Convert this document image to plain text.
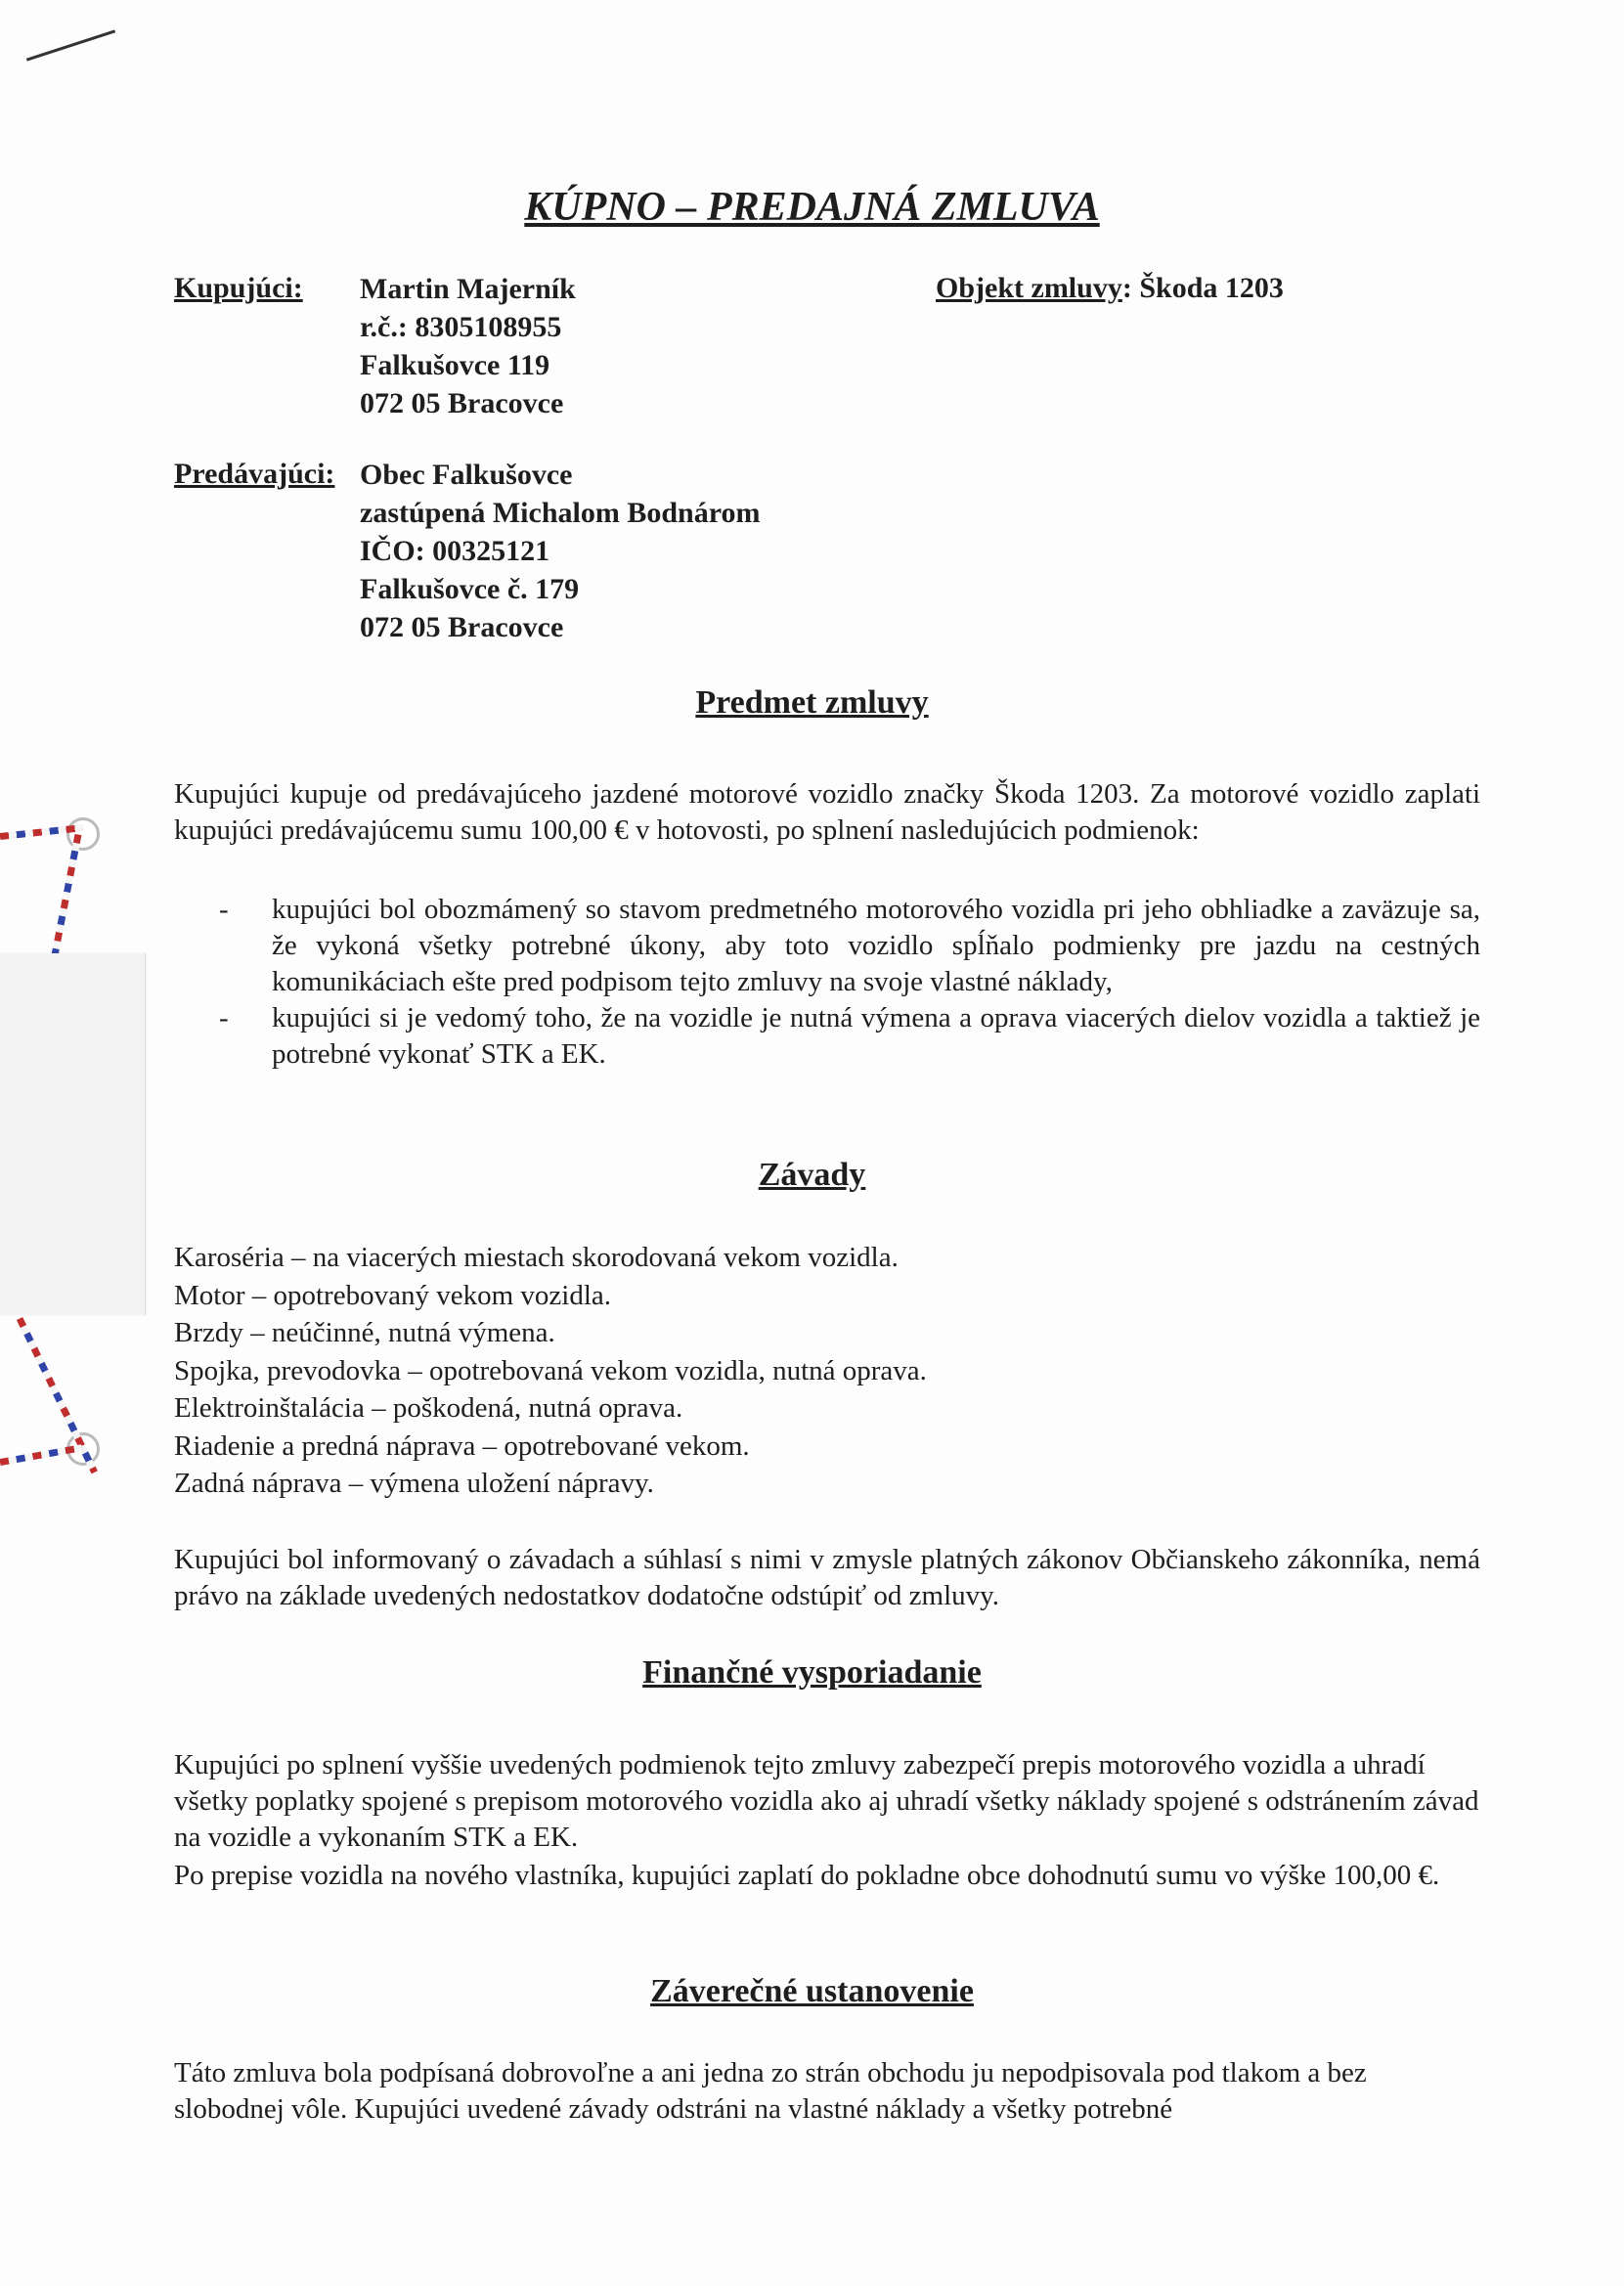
KÚPNO – PREDAJNÁ ZMLUVA
Kupujúci: Martin Majerník
r.č.: 8305108955
Falkušovce 119
072 05 Bracovce
Objekt zmluvy: Škoda 1203
Predávajúci: Obec Falkušovce
zastúpená Michalom Bodnárom
IČO: 00325121
Falkušovce č. 179
072 05 Bracovce
Predmet zmluvy

Kupujúci kupuje od predávajúceho jazdené motorové vozidlo značky Škoda 1203. Za motorové vozidlo zaplati kupujúci predávajúcemu sumu 100,00 € v hotovosti, po splnení nasledujúcich podmienok:

- kupujúci bol obozmámený so stavom predmetného motorového vozidla pri jeho obhliadke a zaväzuje sa, že vykoná všetky potrebné úkony, aby toto vozidlo spĺňalo podmienky pre jazdu na cestných komunikáciach ešte pred podpisom tejto zmluvy na svoje vlastné náklady,
- kupujúci si je vedomý toho, že na vozidle je nutná výmena a oprava viacerých dielov vozidla a taktiež je potrebné vykonať STK a EK.
Závady
Karoséria – na viacerých miestach skorodovaná vekom vozidla.
Motor – opotrebovaný vekom vozidla.
Brzdy – neúčinné, nutná výmena.
Spojka, prevodovka – opotrebovaná vekom vozidla, nutná oprava.
Elektroinštalácia – poškodená, nutná oprava.
Riadenie a predná náprava – opotrebované vekom.
Zadná náprava – výmena uložení nápravy.

Kupujúci bol informovaný o závadach a súhlasí s nimi v zmysle platných zákonov Občianskeho zákonníka, nemá právo na základe uvedených nedostatkov dodatočne odstúpiť od zmluvy.

Finančné vysporiadanie

Kupujúci po splnení vyššie uvedených podmienok tejto zmluvy zabezpečí prepis motorového vozidla a uhradí všetky poplatky spojené s prepisom motorového vozidla ako aj uhradí všetky náklady spojené s odstránením závad na vozidle a vykonaním STK a EK.

Po prepise vozidla na nového vlastníka, kupujúci zaplatí do pokladne obce dohodnutú sumu vo výške 100,00 €.

Záverečné ustanovenie

Táto zmluva bola podpísaná dobrovoľne a ani jedna zo strán obchodu ju nepodpisovala pod tlakom a bez slobodnej vôle. Kupujúci uvedené závady odstráni na vlastné náklady a všetky potrebné
